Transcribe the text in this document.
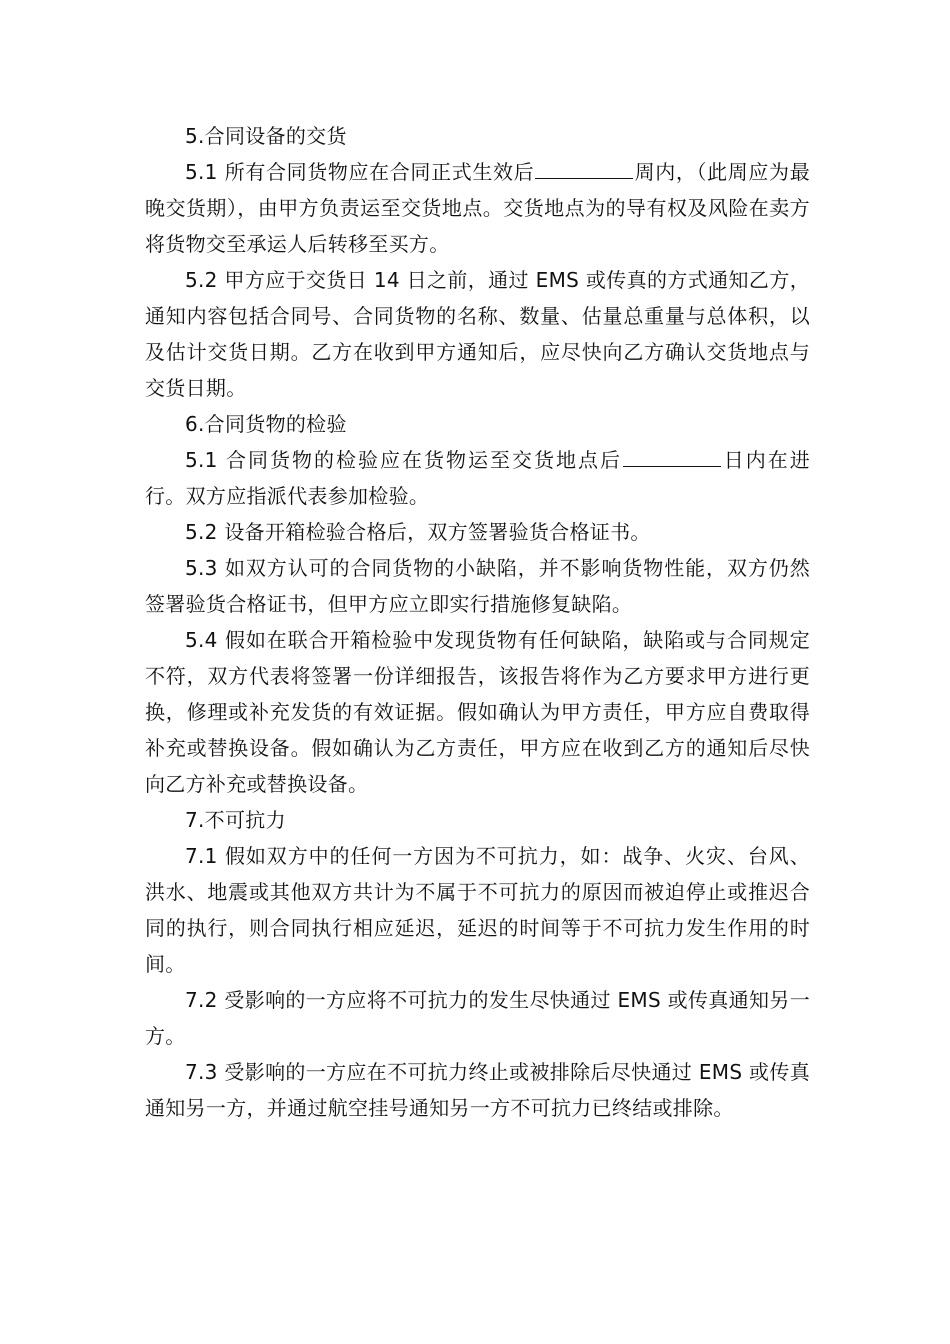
5.合同设备的交货

5.1 所有合同货物应在合同正式生效后	周内，（此周应为最晚交货期），由甲方负责运至交货地点。交货地点为的导有权及风险在卖方将货物交至承运人后转移至买方。

5.2 甲方应于交货日 14 日之前，通过 EMS 或传真的方式通知乙方，通知内容包括合同号、合同货物的名称、数量、估量总重量与总体积，以及估计交货日期。乙方在收到甲方通知后，应尽快向乙方确认交货地点与交货日期。

6.合同货物的检验

5.1 合同货物的检验应在货物运至交货地点后	日内在进行。双方应指派代表参加检验。

5.2 设备开箱检验合格后，双方签署验货合格证书。

5.3 如双方认可的合同货物的小缺陷，并不影响货物性能，双方仍然签署验货合格证书，但甲方应立即实行措施修复缺陷。

5.4 假如在联合开箱检验中发现货物有任何缺陷，缺陷或与合同规定不符，双方代表将签署一份详细报告，该报告将作为乙方要求甲方进行更换，修理或补充发货的有效证据。假如确认为甲方责任，甲方应自费取得补充或替换设备。假如确认为乙方责任，甲方应在收到乙方的通知后尽快向乙方补充或替换设备。

7.不可抗力

7.1 假如双方中的任何一方因为不可抗力，如：战争、火灾、台风、洪水、地震或其他双方共计为不属于不可抗力的原因而被迫停止或推迟合同的执行，则合同执行相应延迟，延迟的时间等于不可抗力发生作用的时间。

7.2 受影响的一方应将不可抗力的发生尽快通过 EMS 或传真通知另一方。

7.3 受影响的一方应在不可抗力终止或被排除后尽快通过 EMS 或传真通知另一方，并通过航空挂号通知另一方不可抗力已终结或排除。
